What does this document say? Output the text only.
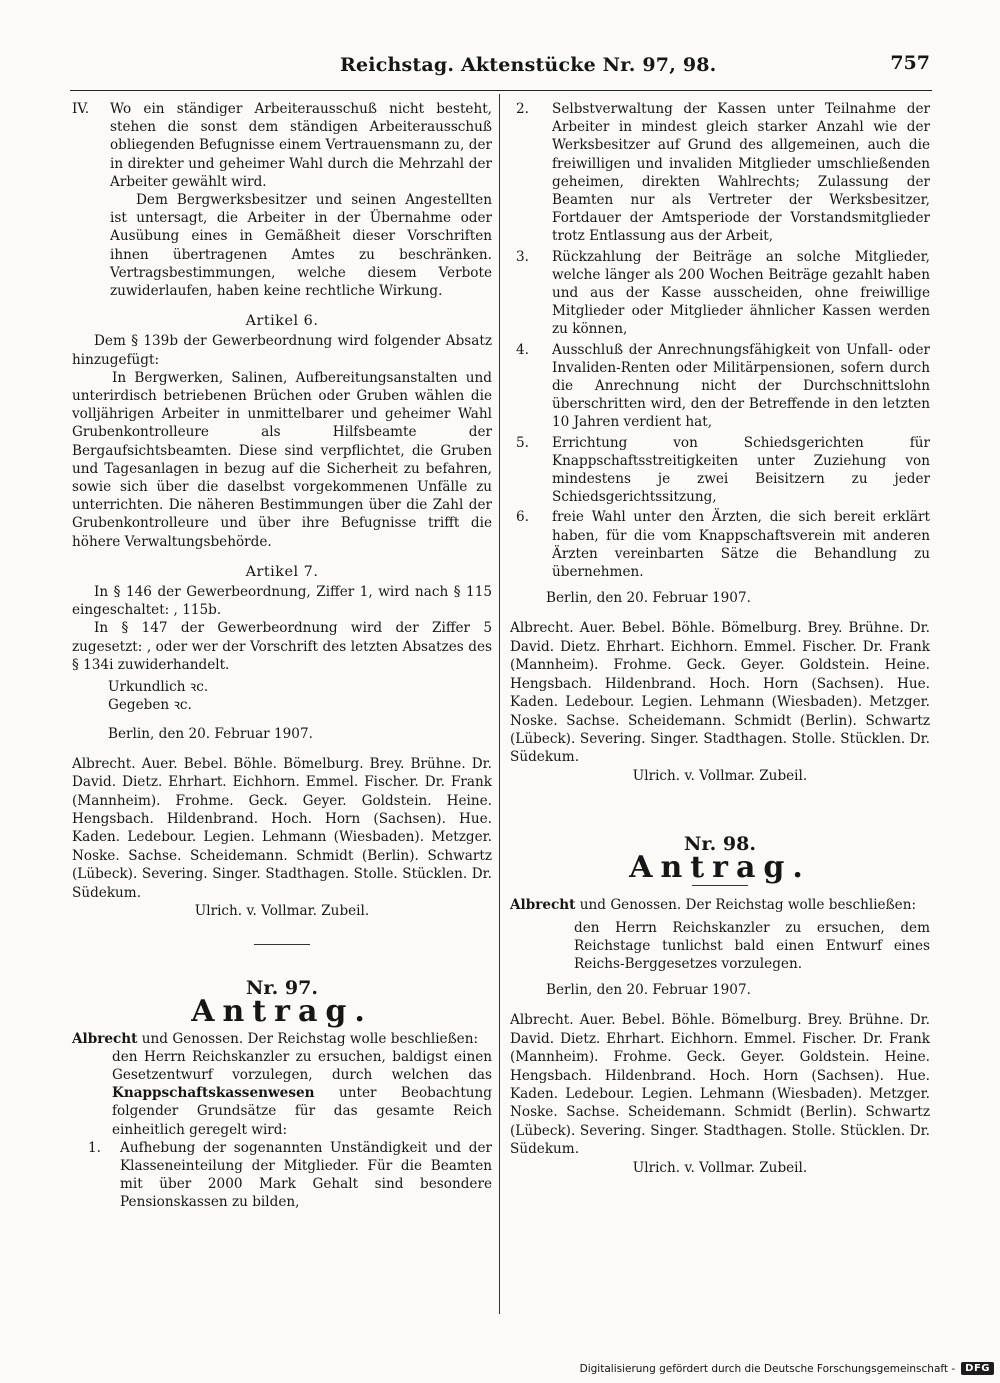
Reichstag. Aktenstücke Nr. 97, 98.	757

IV. Wo ein ständiger Arbeiterausschuß nicht besteht, stehen die sonst dem ständigen Arbeiterausschuß obliegenden Befugnisse einem Vertrauensmann zu, der in direkter und geheimer Wahl durch die Mehrzahl der Arbeiter gewählt wird.

Dem Bergwerksbesitzer und seinen Angestellten ist untersagt, die Arbeiter in der Übernahme oder Ausübung eines in Gemäßheit dieser Vorschriften ihnen übertragenen Amtes zu beschränken. Vertragsbestimmungen, welche diesem Verbote zuwiderlaufen, haben keine rechtliche Wirkung.

Artikel 6.

Dem § 139b der Gewerbeordnung wird folgender Absatz hinzugefügt:

In Bergwerken, Salinen, Aufbereitungsanstalten und unterirdisch betriebenen Brüchen oder Gruben wählen die volljährigen Arbeiter in unmittelbarer und geheimer Wahl Grubenkontrolleure als Hilfsbeamte der Bergaufsichtsbeamten. Diese sind verpflichtet, die Gruben und Tagesanlagen in bezug auf die Sicherheit zu befahren, sowie sich über die daselbst vorgekommenen Unfälle zu unterrichten. Die näheren Bestimmungen über die Zahl der Grubenkontrolleure und über ihre Befugnisse trifft die höhere Verwaltungsbehörde.

Artikel 7.

In § 146 der Gewerbeordnung, Ziffer 1, wird nach § 115 eingeschaltet: , 115b.

In § 147 der Gewerbeordnung wird der Ziffer 5 zugesetzt: , oder wer der Vorschrift des letzten Absatzes des § 134i zuwiderhandelt.

Urkundlich ꝛc.

Gegeben ꝛc.

Berlin, den 20. Februar 1907.

Albrecht. Auer. Bebel. Böhle. Bömelburg. Brey. Brühne. Dr. David. Dietz. Ehrhart. Eichhorn. Emmel. Fischer. Dr. Frank (Mannheim). Frohme. Geck. Geyer. Goldstein. Heine. Hengsbach. Hildenbrand. Hoch. Horn (Sachsen). Hue. Kaden. Ledebour. Legien. Lehmann (Wiesbaden). Metzger. Noske. Sachse. Scheidemann. Schmidt (Berlin). Schwartz (Lübeck). Severing. Singer. Stadthagen. Stolle. Stücklen. Dr. Südekum.

Ulrich. v. Vollmar. Zubeil.

Nr. 97.

Antrag.

Albrecht und Genossen. Der Reichstag wolle beschließen:

den Herrn Reichskanzler zu ersuchen, baldigst einen Gesetzentwurf vorzulegen, durch welchen das Knappschaftskassenwesen unter Beobachtung folgender Grundsätze für das gesamte Reich einheitlich geregelt wird:

1. Aufhebung der sogenannten Unständigkeit und der Klasseneinteilung der Mitglieder. Für die Beamten mit über 2000 Mark Gehalt sind besondere Pensionskassen zu bilden,

2. Selbstverwaltung der Kassen unter Teilnahme der Arbeiter in mindest gleich starker Anzahl wie der Werksbesitzer auf Grund des allgemeinen, auch die freiwilligen und invaliden Mitglieder umschließenden geheimen, direkten Wahlrechts; Zulassung der Beamten nur als Vertreter der Werksbesitzer, Fortdauer der Amtsperiode der Vorstandsmitglieder trotz Entlassung aus der Arbeit,

3. Rückzahlung der Beiträge an solche Mitglieder, welche länger als 200 Wochen Beiträge gezahlt haben und aus der Kasse ausscheiden, ohne freiwillige Mitglieder oder Mitglieder ähnlicher Kassen werden zu können,

4. Ausschluß der Anrechnungsfähigkeit von Unfall- oder Invaliden-Renten oder Militärpensionen, sofern durch die Anrechnung nicht der Durchschnittslohn überschritten wird, den der Betreffende in den letzten 10 Jahren verdient hat,

5. Errichtung von Schiedsgerichten für Knappschaftsstreitigkeiten unter Zuziehung von mindestens je zwei Beisitzern zu jeder Schiedsgerichtssitzung,

6. freie Wahl unter den Ärzten, die sich bereit erklärt haben, für die vom Knappschaftsverein mit anderen Ärzten vereinbarten Sätze die Behandlung zu übernehmen.

Berlin, den 20. Februar 1907.

Albrecht. Auer. Bebel. Böhle. Bömelburg. Brey. Brühne. Dr. David. Dietz. Ehrhart. Eichhorn. Emmel. Fischer. Dr. Frank (Mannheim). Frohme. Geck. Geyer. Goldstein. Heine. Hengsbach. Hildenbrand. Hoch. Horn (Sachsen). Hue. Kaden. Ledebour. Legien. Lehmann (Wiesbaden). Metzger. Noske. Sachse. Scheidemann. Schmidt (Berlin). Schwartz (Lübeck). Severing. Singer. Stadthagen. Stolle. Stücklen. Dr. Südekum.

Ulrich. v. Vollmar. Zubeil.

Nr. 98.

Antrag.

Albrecht und Genossen. Der Reichstag wolle beschließen:

den Herrn Reichskanzler zu ersuchen, dem Reichstage tunlichst bald einen Entwurf eines Reichs-Berggesetzes vorzulegen.

Berlin, den 20. Februar 1907.

Albrecht. Auer. Bebel. Böhle. Bömelburg. Brey. Brühne. Dr. David. Dietz. Ehrhart. Eichhorn. Emmel. Fischer. Dr. Frank (Mannheim). Frohme. Geck. Geyer. Goldstein. Heine. Hengsbach. Hildenbrand. Hoch. Horn (Sachsen). Hue. Kaden. Ledebour. Legien. Lehmann (Wiesbaden). Metzger. Noske. Sachse. Scheidemann. Schmidt (Berlin). Schwartz (Lübeck). Severing. Singer. Stadthagen. Stolle. Stücklen. Dr. Südekum.

Ulrich. v. Vollmar. Zubeil.

Digitalisierung gefördert durch die Deutsche Forschungsgemeinschaft -	DFG
